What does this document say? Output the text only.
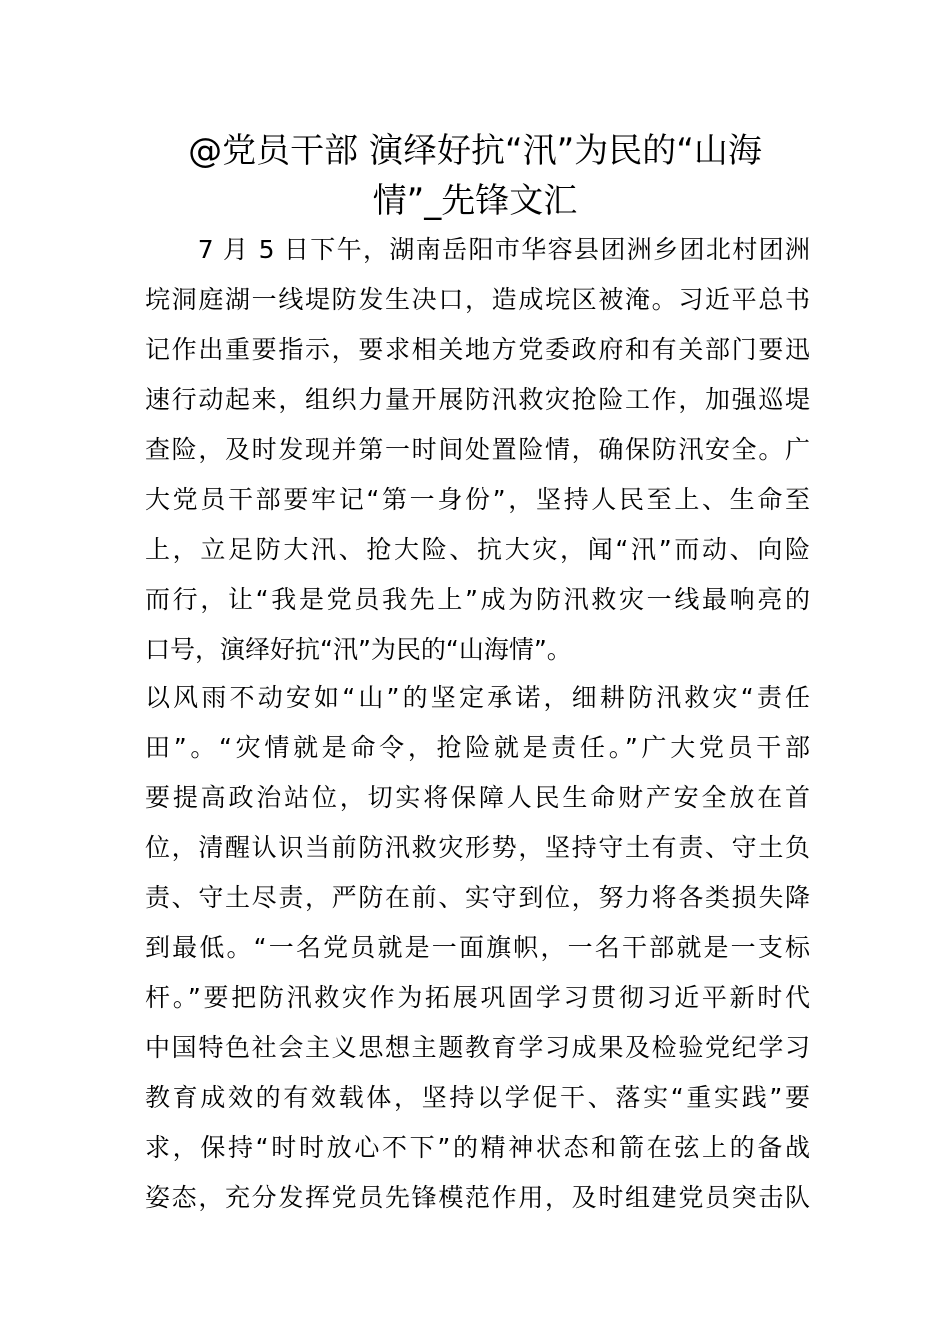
@党员干部 演绎好抗“汛”为民的“山海
情”_先锋文汇
　　7 月 5 日下午，湖南岳阳市华容县团洲乡团北村团洲
垸洞庭湖一线堤防发生决口，造成垸区被淹。习近平总书
记作出重要指示，要求相关地方党委政府和有关部门要迅
速行动起来，组织力量开展防汛救灾抢险工作，加强巡堤
查险，及时发现并第一时间处置险情，确保防汛安全。广
大党员干部要牢记“第一身份”，坚持人民至上、生命至
上，立足防大汛、抢大险、抗大灾，闻“汛”而动、向险
而行，让“我是党员我先上”成为防汛救灾一线最响亮的
口号，演绎好抗“汛”为民的“山海情”。
以风雨不动安如“山”的坚定承诺，细耕防汛救灾“责任
田”。“灾情就是命令，抢险就是责任。”广大党员干部
要提高政治站位，切实将保障人民生命财产安全放在首
位，清醒认识当前防汛救灾形势，坚持守土有责、守土负
责、守土尽责，严防在前、实守到位，努力将各类损失降
到最低。“一名党员就是一面旗帜，一名干部就是一支标
杆。”要把防汛救灾作为拓展巩固学习贯彻习近平新时代
中国特色社会主义思想主题教育学习成果及检验党纪学习
教育成效的有效载体，坚持以学促干、落实“重实践”要
求，保持“时时放心不下”的精神状态和箭在弦上的备战
姿态，充分发挥党员先锋模范作用，及时组建党员突击队
